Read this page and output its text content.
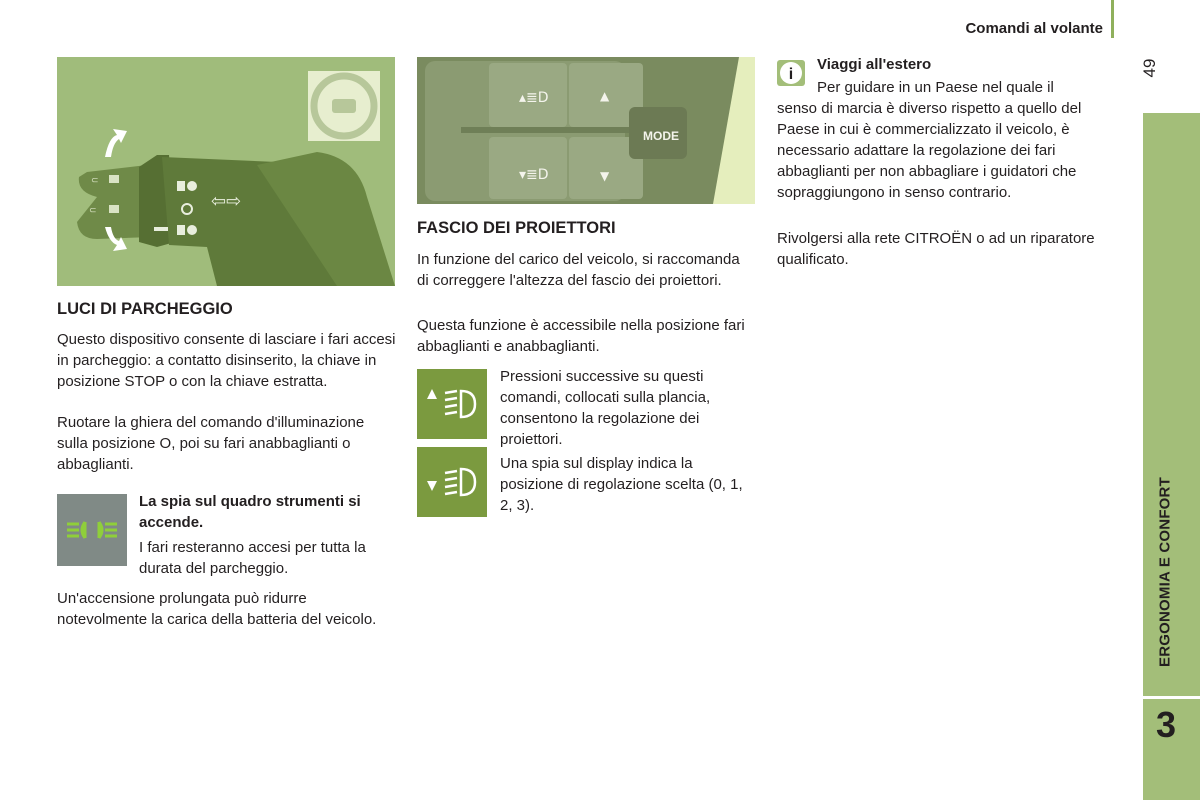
Comandi al volante
49
ERGONOMIA E CONFORT
3
⊂
⊂	⇦⇨
LUCI DI PARCHEGGIO

Questo dispositivo consente di lasciare i fari accesi in parcheggio: a contatto disinserito, la chiave in posizione STOP o con la chiave estratta.

Ruotare la ghiera del comando d'illuminazione sulla posizione O, poi su fari anabbaglianti o abbaglianti.

La spia sul quadro strumenti si accende.

I fari resteranno accesi per tutta la durata del parcheggio.

Un'accensione prolungata può ridurre notevolmente la carica della batteria del veicolo.

MODE
▴≣D	▲
▾≣D	▼
FASCIO DEI PROIETTORI

In funzione del carico del veicolo, si raccomanda di correggere l'altezza del fascio dei proiettori.

Questa funzione è accessibile nella posizione fari abbaglianti e anabbaglianti.

Pressioni successive su questi comandi, collocati sulla plancia, consentono la regolazione dei proiettori.

Una spia sul display indica la posizione di regolazione scelta (0, 1, 2, 3).

i
Viaggi all'estero
Per guidare in un Paese nel quale il

senso di marcia è diverso rispetto a quello del Paese in cui è commercializzato il veicolo, è necessario adattare la regolazione dei fari abbaglianti per non abbagliare i guidatori che sopraggiungono in senso contrario.

Rivolgersi alla rete CITROËN o ad un riparatore qualificato.
